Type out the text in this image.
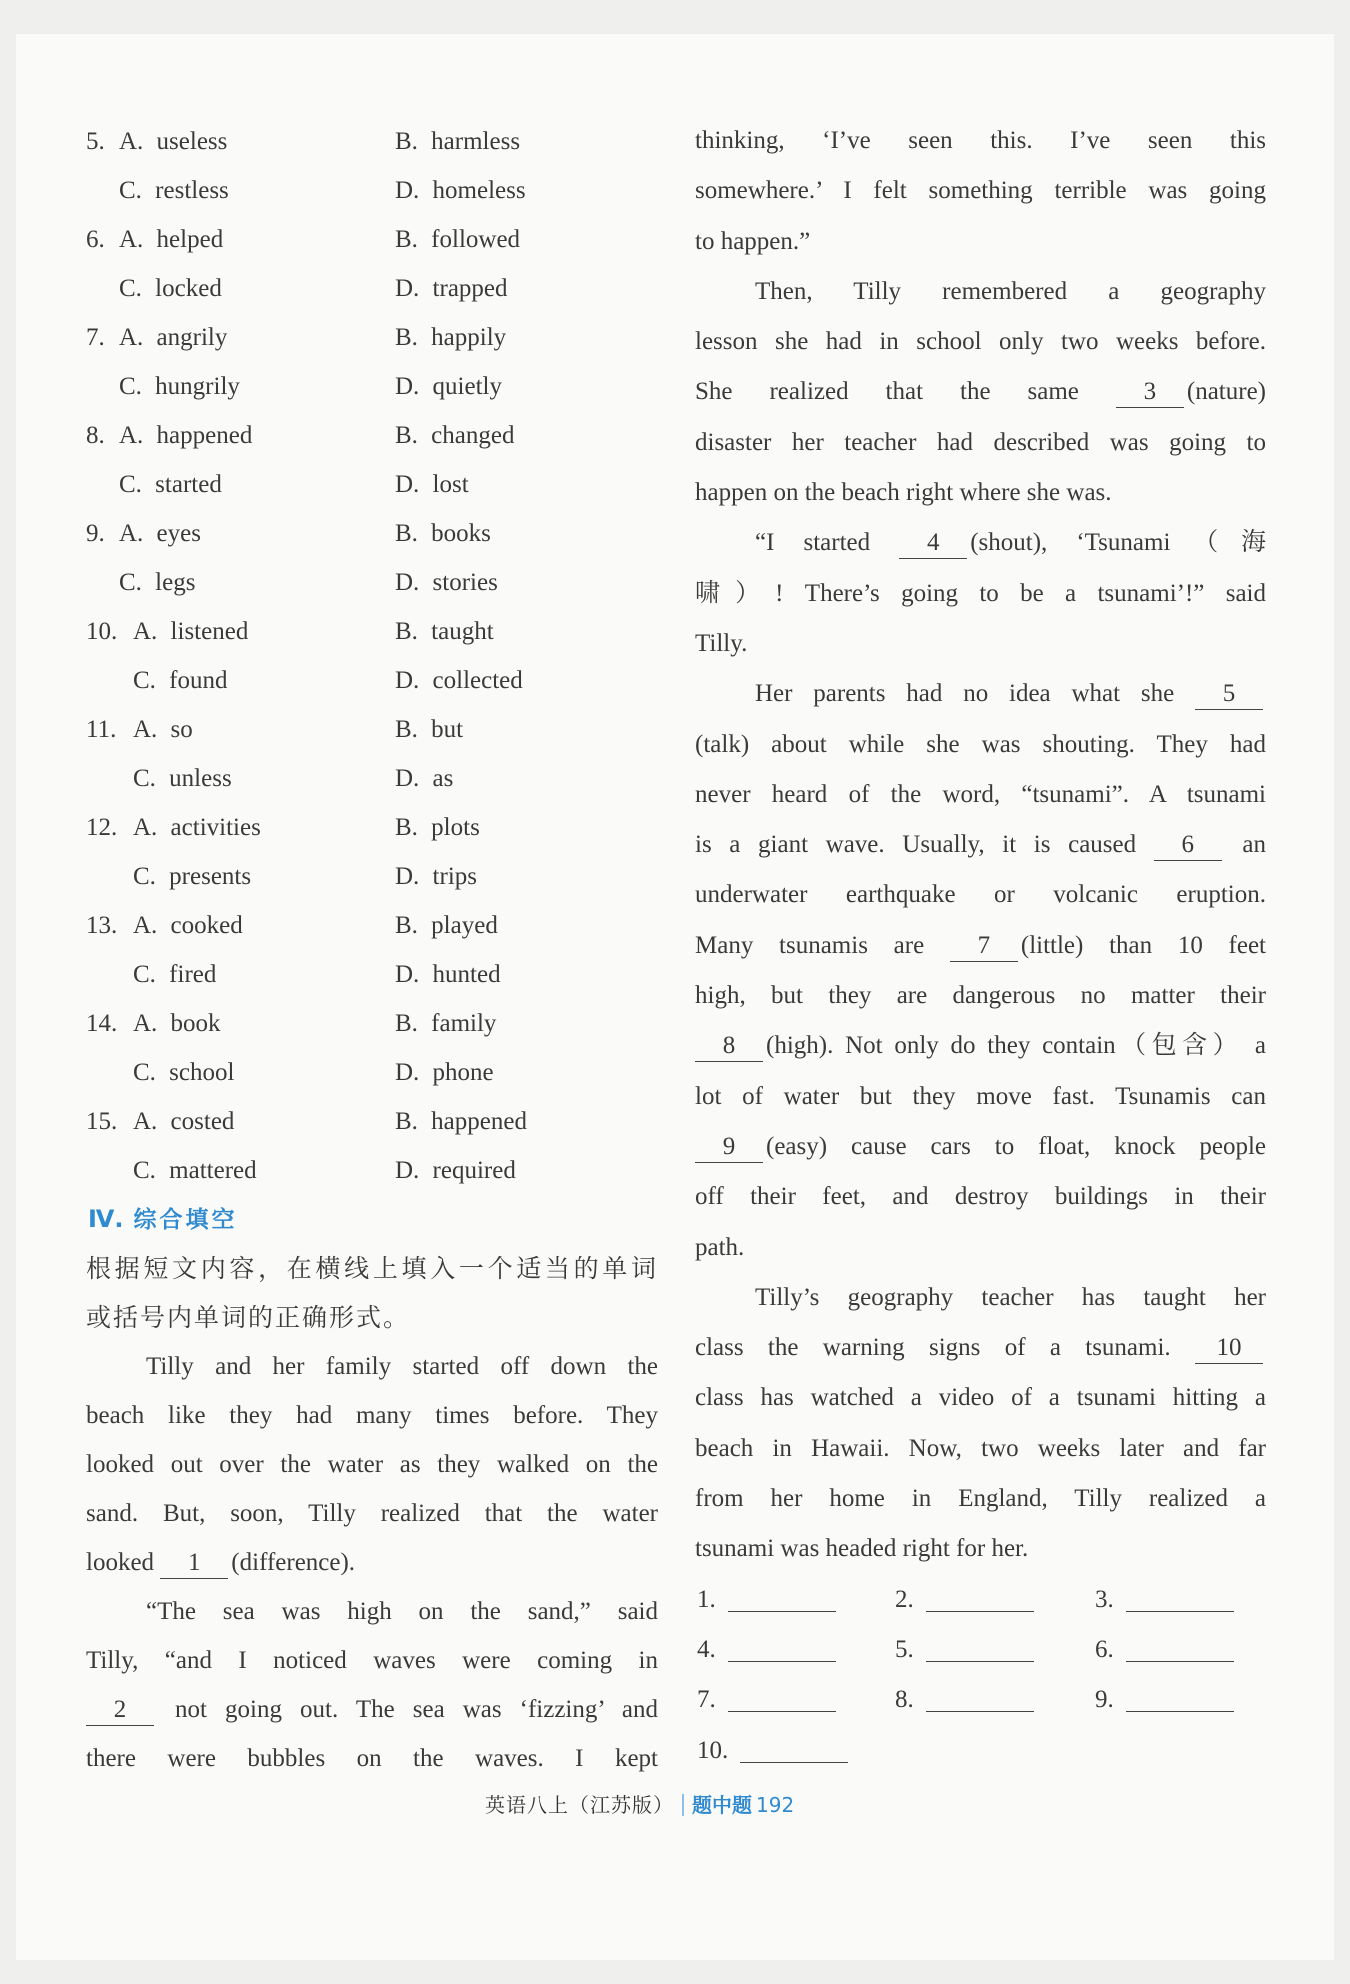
5. A. useless	B. harmless
C. restless	D. homeless
6. A. helped	B. followed
C. locked	D. trapped
7. A. angrily	B. happily
C. hungrily	D. quietly
8. A. happened	B. changed
C. started	D. lost
9. A. eyes	B. books
C. legs	D. stories
10. A. listened	B. taught
C. found	D. collected
11. A. so	B. but
C. unless	D. as
12. A. activities	B. plots
C. presents	D. trips
13. A. cooked	B. played
C. fired	D. hunted
14. A. book	B. family
C. school	D. phone
15. A. costed	B. happened
C. mattered	D. required
Ⅳ. 综合填空
根据短文内容，在横线上填入一个适当的单词
或括号内单词的正确形式。
Tilly and her family started off down the
beach like they had many times before. They
looked out over the water as they walked on the
sand. But, soon, Tilly realized that the water
looked 1 (difference).
“The sea was high on the sand,” said
Tilly, “and I noticed waves were coming in
2 not going out. The sea was ‘fizzing’ and
there were bubbles on the waves. I kept
thinking, ‘I’ve seen this. I’ve seen this
somewhere.’ I felt something terrible was going
to happen.”
Then, Tilly remembered a geography
lesson she had in school only two weeks before.
She realized that the same 3 (nature)
disaster her teacher had described was going to
happen on the beach right where she was.
“I started 4 (shout), ‘Tsunami（海
啸）! There’s going to be a tsunami’!” said
Tilly.
Her parents had no idea what she 5
(talk) about while she was shouting. They had
never heard of the word, “tsunami”. A tsunami
is a giant wave. Usually, it is caused 6 an
underwater earthquake or volcanic eruption.
Many tsunamis are 7 (little) than 10 feet
high, but they are dangerous no matter their
8 (high). Not only do they contain（包含） a
lot of water but they move fast. Tsunamis can
9 (easy) cause cars to float, knock people
off their feet, and destroy buildings in their
path.
Tilly’s geography teacher has taught her
class the warning signs of a tsunami. 10
class has watched a video of a tsunami hitting a
beach in Hawaii. Now, two weeks later and far
from her home in England, Tilly realized a
tsunami was headed right for her.
1.	2.	3.
4.	5.	6.
7.	8.	9.
10.
英语八上（江苏版） 题中题 192
